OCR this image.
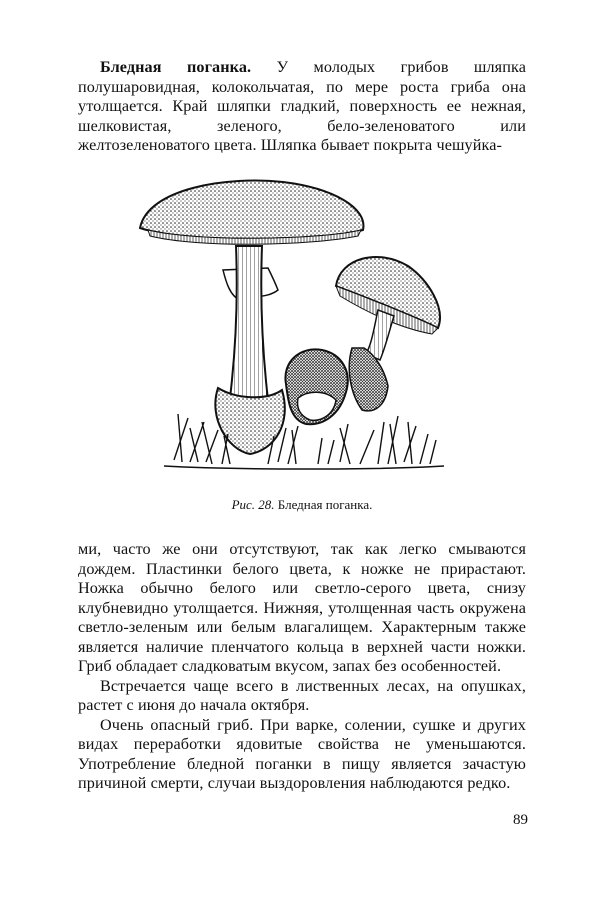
Бледная поганка. У молодых грибов шляпка полушаровидная, колокольчатая, по мере роста гриба она утолщается. Край шляпки гладкий, поверхность ее нежная, шелковистая, зеленого, бело-зеленоватого или желтозеленоватого цвета. Шляпка бывает покрыта чешуйка-

Рис. 28. Бледная поганка.

ми, часто же они отсутствуют, так как легко смываются дождем. Пластинки белого цвета, к ножке не прирастают. Ножка обычно белого или светло-серого цвета, снизу клубневидно утолщается. Нижняя, утолщенная часть окружена светло-зеленым или белым влагалищем. Характерным также является наличие пленчатого кольца в верхней части ножки. Гриб обладает сладковатым вкусом, запах без особенностей.

Встречается чаще всего в лиственных лесах, на опушках, растет с июня до начала октября.

Очень опасный гриб. При варке, солении, сушке и других видах переработки ядовитые свойства не уменьшаются. Употребление бледной поганки в пищу является зачастую причиной смерти, случаи выздоровления наблюдаются редко.

89
